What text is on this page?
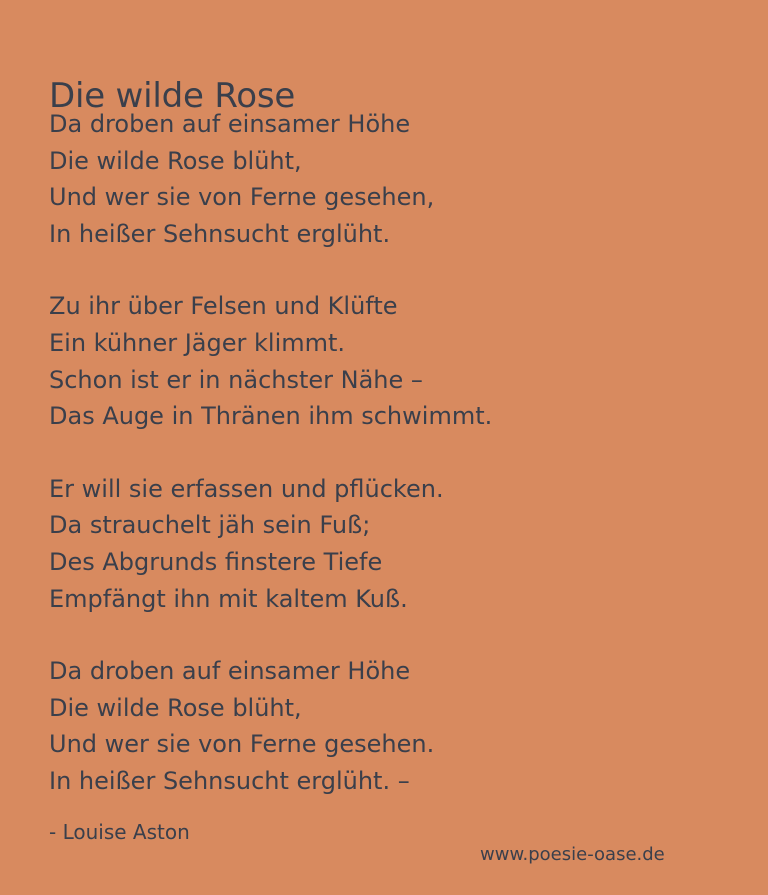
Die wilde Rose
Da droben auf einsamer Höhe
Die wilde Rose blüht,
Und wer sie von Ferne gesehen,
In heißer Sehnsucht erglüht.
Zu ihr über Felsen und Klüfte
Ein kühner Jäger klimmt.
Schon ist er in nächster Nähe –
Das Auge in Thränen ihm schwimmt.
Er will sie erfassen und pflücken.
Da strauchelt jäh sein Fuß;
Des Abgrunds finstere Tiefe
Empfängt ihn mit kaltem Kuß.
Da droben auf einsamer Höhe
Die wilde Rose blüht,
Und wer sie von Ferne gesehen.
In heißer Sehnsucht erglüht. –
- Louise Aston
www.poesie-oase.de
